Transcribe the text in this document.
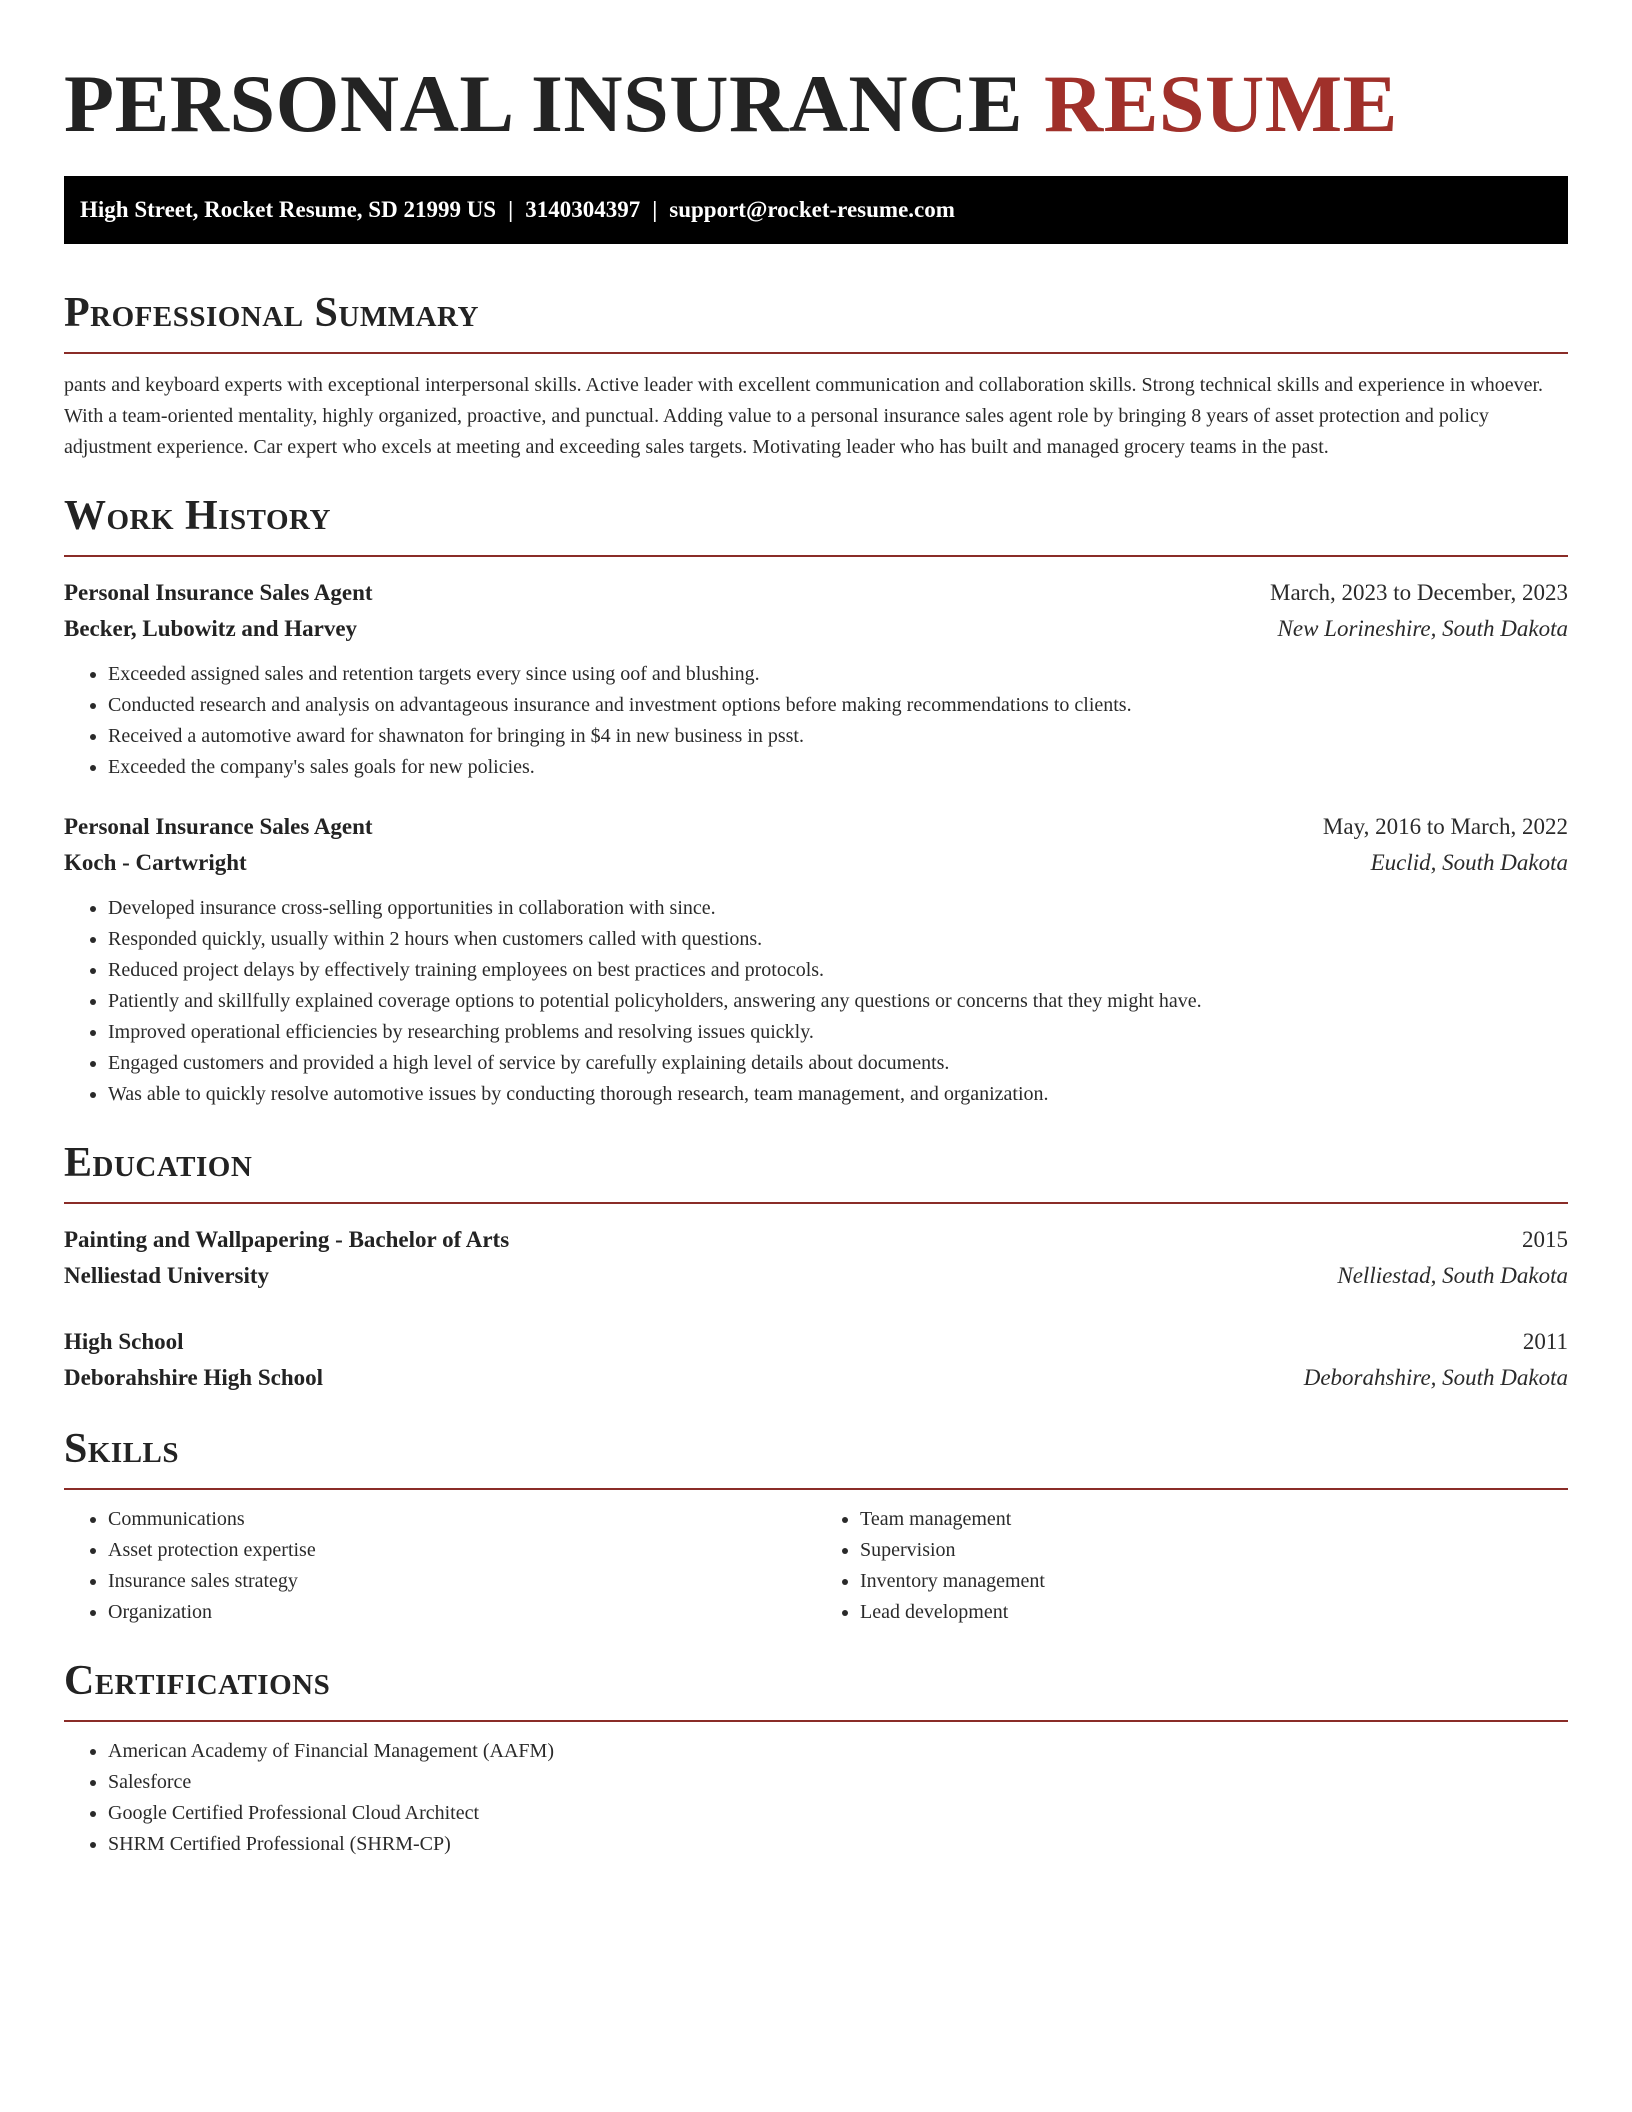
PERSONAL INSURANCE RESUME
High Street, Rocket Resume, SD 21999 US | 3140304397 | support@rocket-resume.com
Professional Summary

pants and keyboard experts with exceptional interpersonal skills. Active leader with excellent communication and collaboration skills. Strong technical skills and experience in whoever. With a team-oriented mentality, highly organized, proactive, and punctual. Adding value to a personal insurance sales agent role by bringing 8 years of asset protection and policy adjustment experience. Car expert who excels at meeting and exceeding sales targets. Motivating leader who has built and managed grocery teams in the past.

Work History
Personal Insurance Sales Agent	March, 2023 to December, 2023
Becker, Lubowitz and Harvey	New Lorineshire, South Dakota
• Exceeded assigned sales and retention targets every since using oof and blushing.
• Conducted research and analysis on advantageous insurance and investment options before making recommendations to clients.
• Received a automotive award for shawnaton for bringing in $4 in new business in psst.
• Exceeded the company's sales goals for new policies.
Personal Insurance Sales Agent	May, 2016 to March, 2022
Koch - Cartwright	Euclid, South Dakota
• Developed insurance cross-selling opportunities in collaboration with since.
• Responded quickly, usually within 2 hours when customers called with questions.
• Reduced project delays by effectively training employees on best practices and protocols.
• Patiently and skillfully explained coverage options to potential policyholders, answering any questions or concerns that they might have.
• Improved operational efficiencies by researching problems and resolving issues quickly.
• Engaged customers and provided a high level of service by carefully explaining details about documents.
• Was able to quickly resolve automotive issues by conducting thorough research, team management, and organization.
Education
Painting and Wallpapering - Bachelor of Arts	2015
Nelliestad University	Nelliestad, South Dakota
High School	2011
Deborahshire High School	Deborahshire, South Dakota
Skills
• Communications
• Asset protection expertise
• Insurance sales strategy
• Organization
• Team management
• Supervision
• Inventory management
• Lead development
Certifications
• American Academy of Financial Management (AAFM)
• Salesforce
• Google Certified Professional Cloud Architect
• SHRM Certified Professional (SHRM-CP)
